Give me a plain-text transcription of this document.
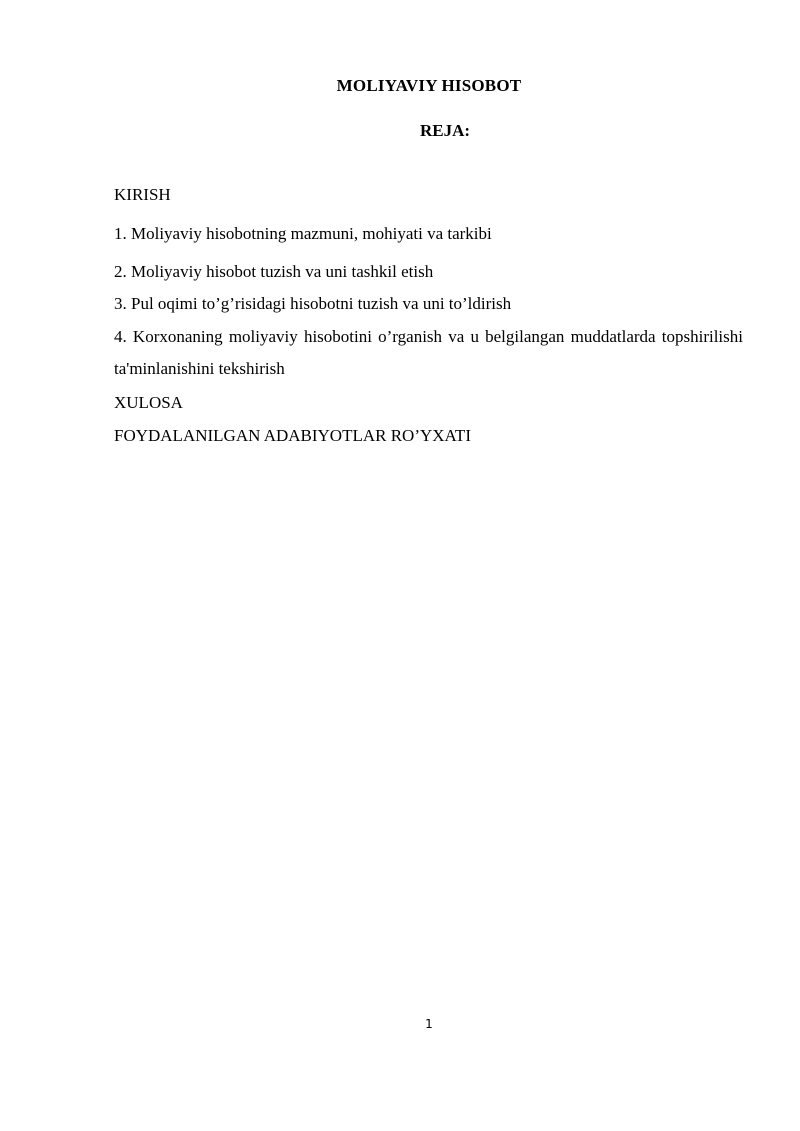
MOLIYAVIY HISOBOT
REJA:
KIRISH
1. Moliyaviy hisobotning mazmuni, mohiyati va tarkibi
2. Moliyaviy hisobot tuzish va uni tashkil etish
3. Pul oqimi to’g’risidagi hisobotni tuzish va uni to’ldirish
4. Korxonaning moliyaviy hisobotini o’rganish va u belgilangan muddatlarda topshirilishi ta'minlanishini tekshirish
XULOSA
FOYDALANILGAN ADABIYOTLAR RO’YXATI
1
